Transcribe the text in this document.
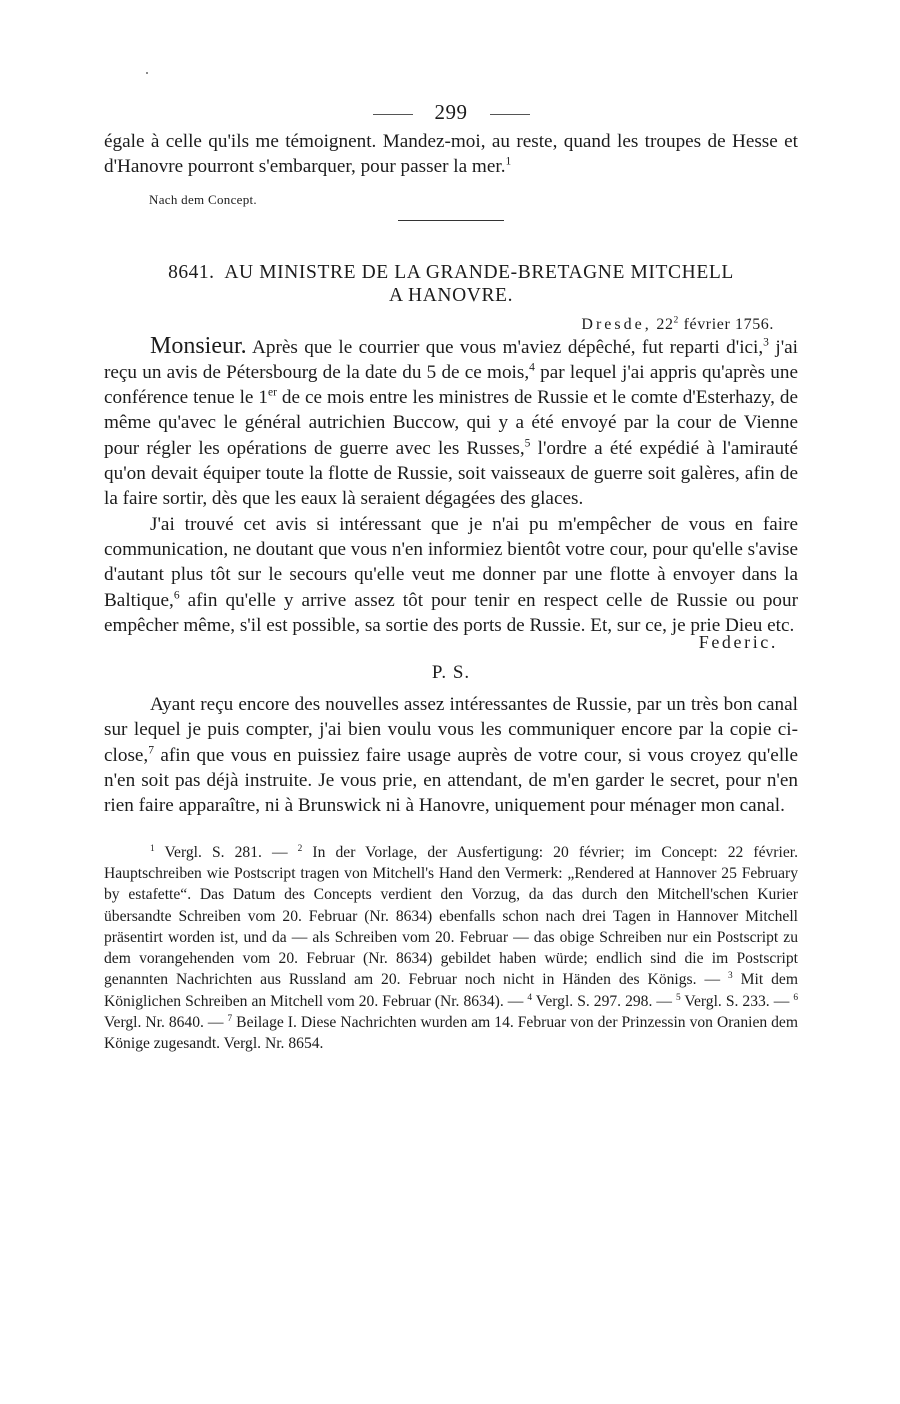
299

égale à celle qu'ils me témoignent. Mandez-moi, au reste, quand les troupes de Hesse et d'Hanovre pourront s'embarquer, pour passer la mer.$^1$

Nach dem Concept.
8641. AU MINISTRE DE LA GRANDE-BRETAGNE MITCHELL
A HANOVRE.
Dresde, $22^2$ février 1756.

Monsieur. Après que le courrier que vous m'aviez dépêché, fut reparti d'ici,$^3$ j'ai reçu un avis de Pétersbourg de la date du 5 de ce mois,$^4$ par lequel j'ai appris qu'après une conférence tenue le 1er de ce mois entre les ministres de Russie et le comte d'Esterhazy, de même qu'avec le général autrichien Buccow, qui y a été envoyé par la cour de Vienne pour régler les opérations de guerre avec les Russes,$^5$ l'ordre a été expédié à l'amirauté qu'on devait équiper toute la flotte de Russie, soit vaisseaux de guerre soit galères, afin de la faire sortir, dès que les eaux là seraient dégagées des glaces.

J'ai trouvé cet avis si intéressant que je n'ai pu m'empêcher de vous en faire communication, ne doutant que vous n'en informiez bientôt votre cour, pour qu'elle s'avise d'autant plus tôt sur le secours qu'elle veut me donner par une flotte à envoyer dans la Baltique,$^6$ afin qu'elle y arrive assez tôt pour tenir en respect celle de Russie ou pour empêcher même, s'il est possible, sa sortie des ports de Russie. Et, sur ce, je prie Dieu etc.

Federic.
P. S.

Ayant reçu encore des nouvelles assez intéressantes de Russie, par un très bon canal sur lequel je puis compter, j'ai bien voulu vous les communiquer encore par la copie ci-close,$^7$ afin que vous en puissiez faire usage auprès de votre cour, si vous croyez qu'elle n'en soit pas déjà instruite. Je vous prie, en attendant, de m'en garder le secret, pour n'en rien faire apparaître, ni à Brunswick ni à Hanovre, uniquement pour ménager mon canal.

$^1$ Vergl. S. 281. — $^2$ In der Vorlage, der Ausfertigung: 20 février; im Concept: 22 février. Hauptschreiben wie Postscript tragen von Mitchell's Hand den Vermerk: „Rendered at Hannover 25 February by estafette“. Das Datum des Concepts verdient den Vorzug, da das durch den Mitchell'schen Kurier übersandte Schreiben vom 20. Februar (Nr. 8634) ebenfalls schon nach drei Tagen in Hannover Mitchell präsentirt worden ist, und da — als Schreiben vom 20. Februar — das obige Schreiben nur ein Postscript zu dem vorangehenden vom 20. Februar (Nr. 8634) gebildet haben würde; endlich sind die im Postscript genannten Nachrichten aus Russland am 20. Februar noch nicht in Händen des Königs. — $^3$ Mit dem Königlichen Schreiben an Mitchell vom 20. Februar (Nr. 8634). — $^4$ Vergl. S. 297. 298. — $^5$ Vergl. S. 233. — $^6$ Vergl. Nr. 8640. — $^7$ Beilage I. Diese Nachrichten wurden am 14. Februar von der Prinzessin von Oranien dem Könige zugesandt. Vergl. Nr. 8654.
